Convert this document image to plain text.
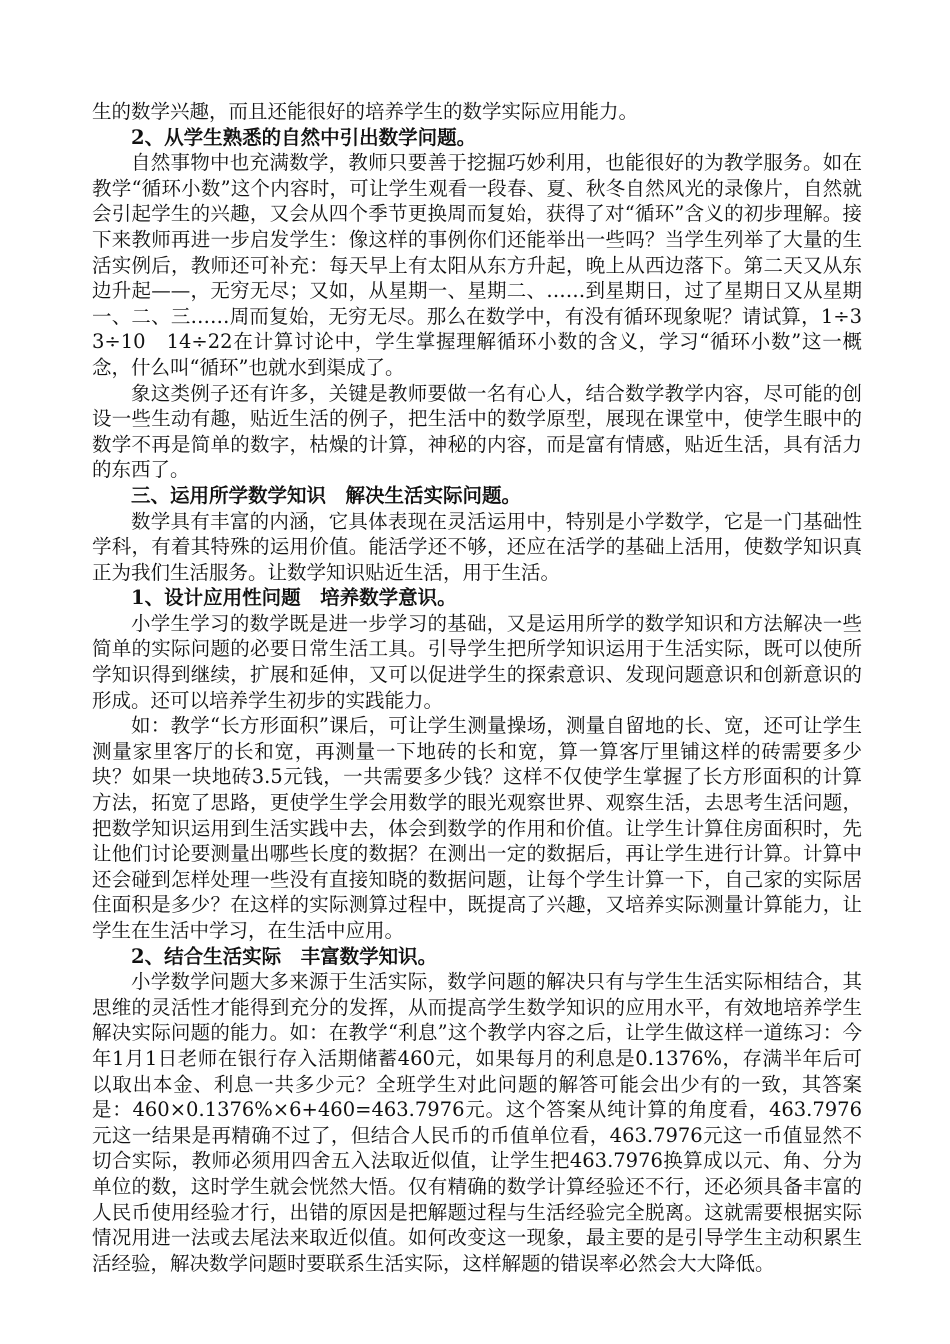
生的数学兴趣，而且还能很好的培养学生的数学实际应用能力。

2、从学生熟悉的自然中引出数学问题。

自然事物中也充满数学，教师只要善于挖掘巧妙利用，也能很好的为教学服务。如在教学“循环小数”这个内容时，可让学生观看一段春、夏、秋冬自然风光的录像片，自然就会引起学生的兴趣，又会从四个季节更换周而复始，获得了对“循环”含义的初步理解。接下来教师再进一步启发学生：像这样的事例你们还能举出一些吗？当学生列举了大量的生活实例后，教师还可补充：每天早上有太阳从东方升起，晚上从西边落下。第二天又从东边升起——，无穷无尽；又如，从星期一、星期二、……到星期日，过了星期日又从星期一、二、三……周而复始，无穷无尽。那么在数学中，有没有循环现象呢？请试算，1÷3　3÷10　14÷22在计算讨论中，学生掌握理解循环小数的含义，学习“循环小数”这一概念，什么叫“循环”也就水到渠成了。

象这类例子还有许多，关键是教师要做一名有心人，结合数学教学内容，尽可能的创设一些生动有趣，贴近生活的例子，把生活中的数学原型，展现在课堂中，使学生眼中的数学不再是简单的数字，枯燥的计算，神秘的内容，而是富有情感，贴近生活，具有活力的东西了。

三、运用所学数学知识　解决生活实际问题。

数学具有丰富的内涵，它具体表现在灵活运用中，特别是小学数学，它是一门基础性学科，有着其特殊的运用价值。能活学还不够，还应在活学的基础上活用，使数学知识真正为我们生活服务。让数学知识贴近生活，用于生活。

1、设计应用性问题　培养数学意识。

小学生学习的数学既是进一步学习的基础，又是运用所学的数学知识和方法解决一些简单的实际问题的必要日常生活工具。引导学生把所学知识运用于生活实际，既可以使所学知识得到继续，扩展和延伸，又可以促进学生的探索意识、发现问题意识和创新意识的形成。还可以培养学生初步的实践能力。

如：教学“长方形面积”课后，可让学生测量操场，测量自留地的长、宽，还可让学生测量家里客厅的长和宽，再测量一下地砖的长和宽，算一算客厅里铺这样的砖需要多少块？如果一块地砖3.5元钱，一共需要多少钱？这样不仅使学生掌握了长方形面积的计算方法，拓宽了思路，更使学生学会用数学的眼光观察世界、观察生活，去思考生活问题，把数学知识运用到生活实践中去，体会到数学的作用和价值。让学生计算住房面积时，先让他们讨论要测量出哪些长度的数据？在测出一定的数据后，再让学生进行计算。计算中还会碰到怎样处理一些没有直接知晓的数据问题，让每个学生计算一下，自己家的实际居住面积是多少？在这样的实际测算过程中，既提高了兴趣，又培养实际测量计算能力，让学生在生活中学习，在生活中应用。

2、结合生活实际　丰富数学知识。

小学数学问题大多来源于生活实际，数学问题的解决只有与学生生活实际相结合，其思维的灵活性才能得到充分的发挥，从而提高学生数学知识的应用水平，有效地培养学生解决实际问题的能力。如：在教学“利息”这个教学内容之后，让学生做这样一道练习：今年1月1日老师在银行存入活期储蓄460元，如果每月的利息是0.1376%，存满半年后可以取出本金、利息一共多少元？全班学生对此问题的解答可能会出少有的一致，其答案是：460×0.1376%×6+460=463.7976元。这个答案从纯计算的角度看，463.7976元这一结果是再精确不过了，但结合人民币的币值单位看，463.7976元这一币值显然不切合实际，教师必须用四舍五入法取近似值，让学生把463.7976换算成以元、角、分为单位的数，这时学生就会恍然大悟。仅有精确的数学计算经验还不行，还必须具备丰富的人民币使用经验才行，出错的原因是把解题过程与生活经验完全脱离。这就需要根据实际情况用进一法或去尾法来取近似值。如何改变这一现象，最主要的是引导学生主动积累生活经验，解决数学问题时要联系生活实际，这样解题的错误率必然会大大降低。
